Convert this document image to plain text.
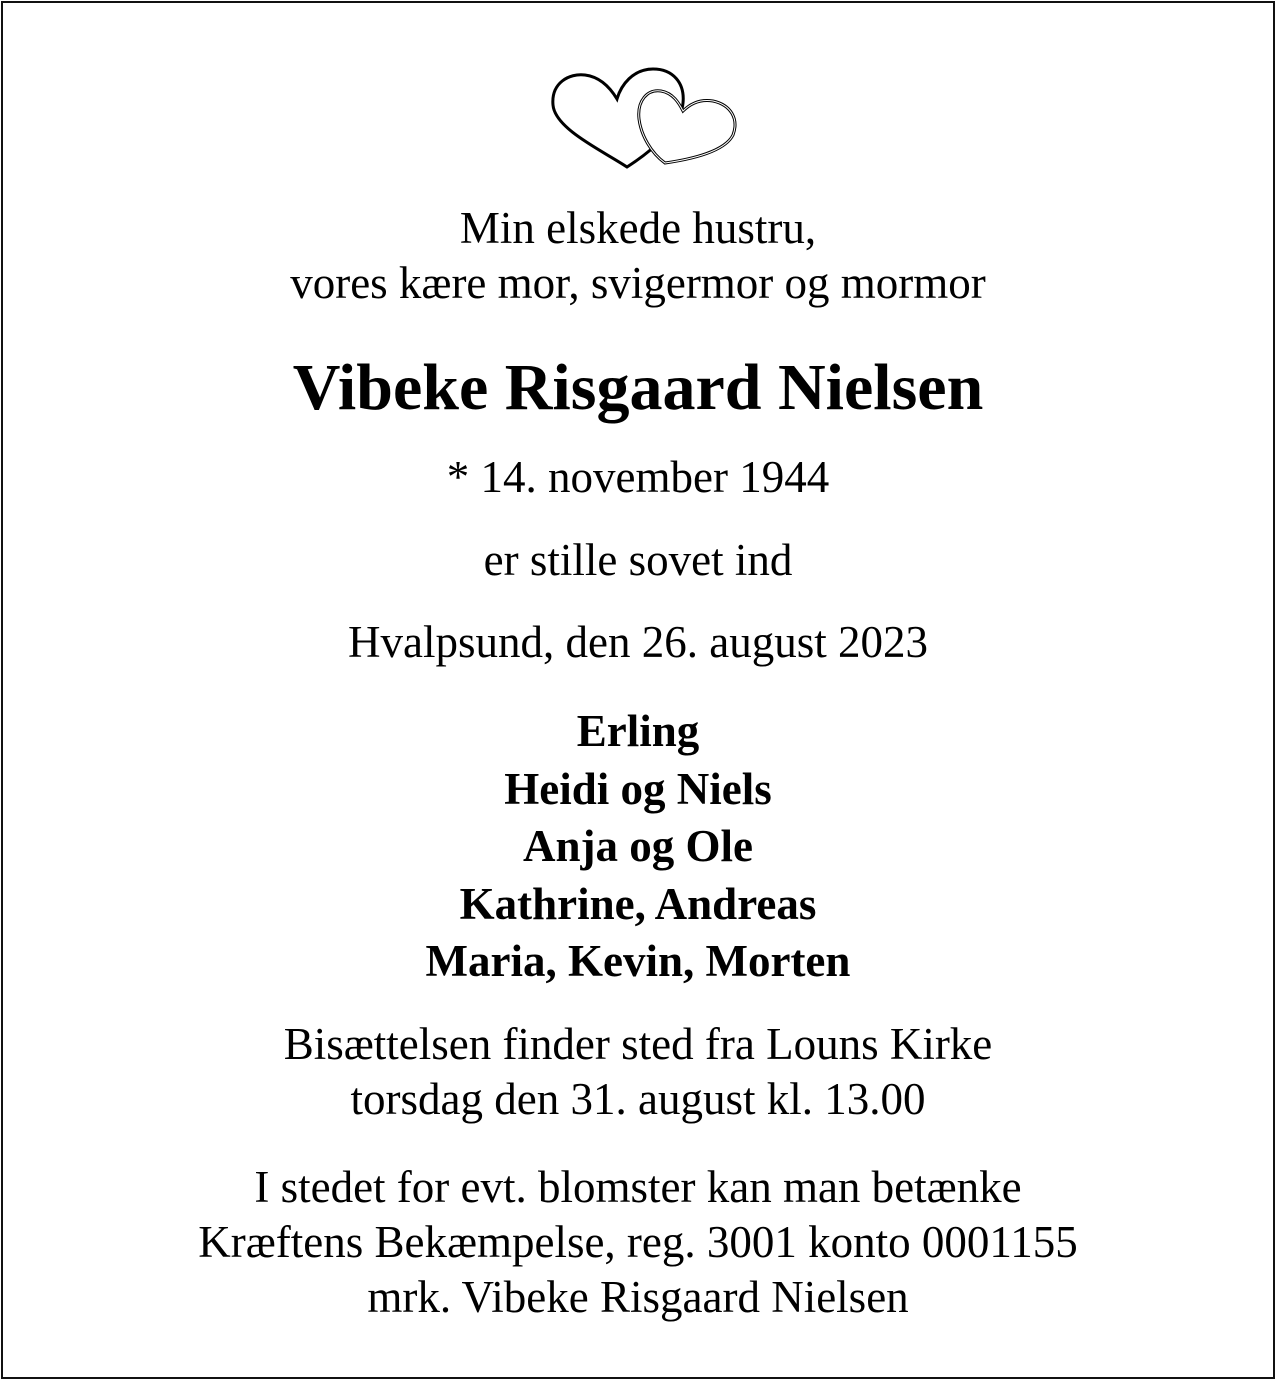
Min elskede hustru,
vores kære mor, svigermor og mormor
Vibeke Risgaard Nielsen
* 14. november 1944
er stille sovet ind
Hvalpsund, den 26. august 2023
Erling
Heidi og Niels
Anja og Ole
Kathrine, Andreas
Maria, Kevin, Morten
Bisættelsen finder sted fra Louns Kirke
torsdag den 31. august kl. 13.00
I stedet for evt. blomster kan man betænke
Kræftens Bekæmpelse, reg. 3001 konto 0001155
mrk. Vibeke Risgaard Nielsen
